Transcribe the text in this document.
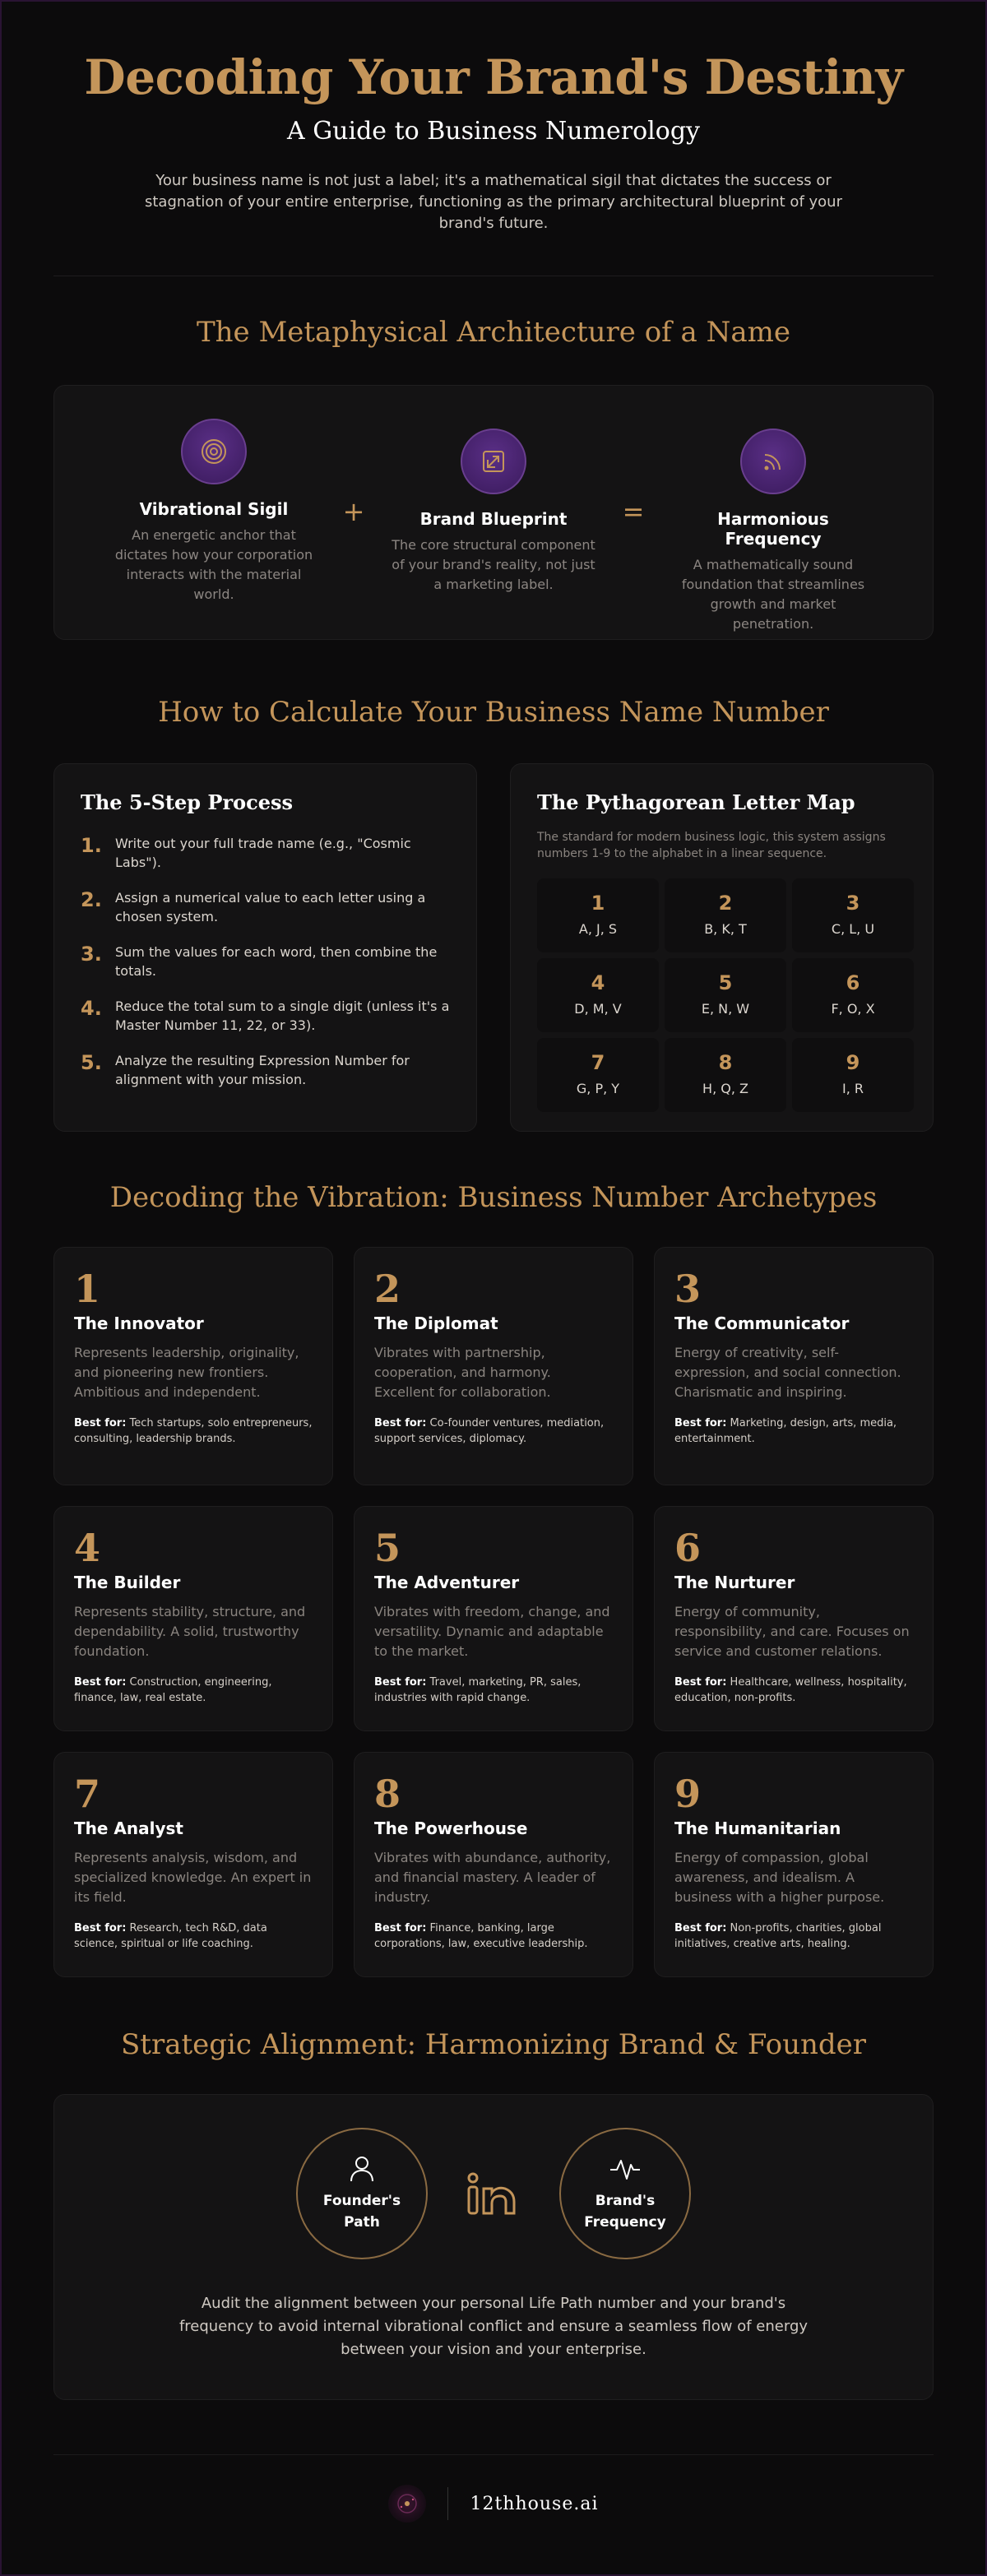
Decoding Your Brand's Destiny
A Guide to Business Numerology

Your business name is not just a label; it's a mathematical sigil that dictates the success or stagnation of your entire enterprise, functioning as the primary architectural blueprint of your brand's future.

The Metaphysical Architecture of a Name
Vibrational Sigil

An energetic anchor that dictates how your corporation interacts with the material world.

+	Brand Blueprint

The core structural component of your brand's reality, not just a marketing label.

=	Harmonious Frequency

A mathematically sound foundation that streamlines growth and market penetration.

How to Calculate Your Business Name Number
The 5-Step Process
1.	Write out your full trade name (e.g., "Cosmic Labs").
2.	Assign a numerical value to each letter using a chosen system.
3.	Sum the values for each word, then combine the totals.
4.	Reduce the total sum to a single digit (unless it's a Master Number 11, 22, or 33).
5.	Analyze the resulting Expression Number for alignment with your mission.
The Pythagorean Letter Map

The standard for modern business logic, this system assigns numbers 1-9 to the alphabet in a linear sequence.

1
A, J, S
2
B, K, T
3
C, L, U
4
D, M, V
5
E, N, W
6
F, O, X
7
G, P, Y
8
H, Q, Z
9
I, R
Decoding the Vibration: Business Number Archetypes
1
The Innovator

Represents leadership, originality, and pioneering new frontiers. Ambitious and independent.

Best for: Tech startups, solo entrepreneurs, consulting, leadership brands.

2
The Diplomat

Vibrates with partnership, cooperation, and harmony. Excellent for collaboration.

Best for: Co-founder ventures, mediation, support services, diplomacy.

3
The Communicator

Energy of creativity, self-expression, and social connection. Charismatic and inspiring.

Best for: Marketing, design, arts, media, entertainment.

4
The Builder

Represents stability, structure, and dependability. A solid, trustworthy foundation.

Best for: Construction, engineering, finance, law, real estate.

5
The Adventurer

Vibrates with freedom, change, and versatility. Dynamic and adaptable to the market.

Best for: Travel, marketing, PR, sales, industries with rapid change.

6
The Nurturer

Energy of community, responsibility, and care. Focuses on service and customer relations.

Best for: Healthcare, wellness, hospitality, education, non-profits.

7
The Analyst

Represents analysis, wisdom, and specialized knowledge. An expert in its field.

Best for: Research, tech R&D, data science, spiritual or life coaching.

8
The Powerhouse

Vibrates with abundance, authority, and financial mastery. A leader of industry.

Best for: Finance, banking, large corporations, law, executive leadership.

9
The Humanitarian

Energy of compassion, global awareness, and idealism. A business with a higher purpose.

Best for: Non-profits, charities, global initiatives, creative arts, healing.

Strategic Alignment: Harmonizing Brand & Founder
Founder's Path
Brand's Frequency

Audit the alignment between your personal Life Path number and your brand's frequency to avoid internal vibrational conflict and ensure a seamless flow of energy between your vision and your enterprise.

12thhouse.ai
